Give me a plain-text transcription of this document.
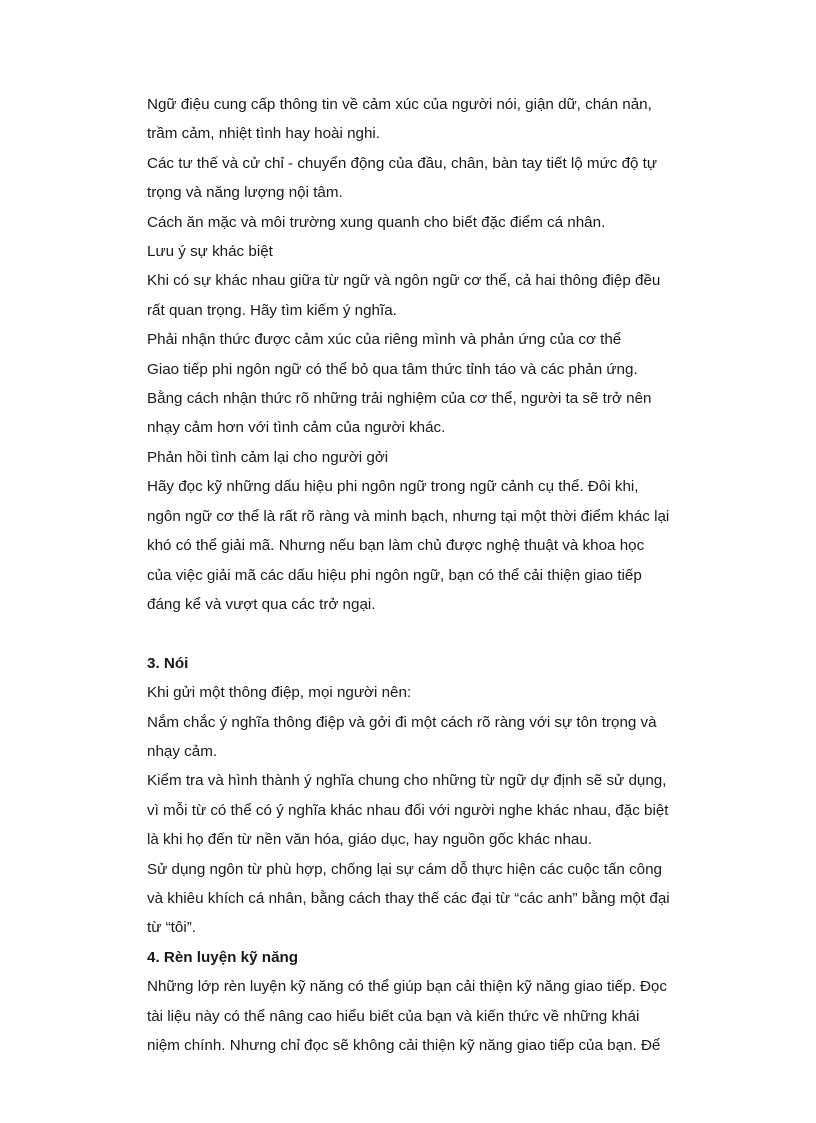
Ngữ điệu cung cấp thông tin về cảm xúc của người nói, giận dữ, chán nản,

trầm cảm, nhiệt tình hay hoài nghi.

Các tư thế và cử chỉ - chuyển động của đầu, chân, bàn tay tiết lộ mức độ tự

trọng và năng lượng nội tâm.

Cách ăn mặc và môi trường xung quanh cho biết đặc điểm cá nhân.

Lưu ý sự khác biệt

Khi có sự khác nhau giữa từ ngữ và ngôn ngữ cơ thể, cả hai thông điệp đều

rất quan trọng. Hãy tìm kiếm ý nghĩa.

Phải nhận thức được cảm xúc của riêng mình và phản ứng của cơ thể

Giao tiếp phi ngôn ngữ có thể bỏ qua tâm thức tỉnh táo và các phản ứng.

Bằng cách nhận thức rõ những trải nghiệm của cơ thể, người ta sẽ trở nên

nhạy cảm hơn với tình cảm của người khác.

Phản hồi tình cảm lại cho người gởi

Hãy đọc kỹ những dấu hiệu phi ngôn ngữ trong ngữ cảnh cụ thể. Đôi khi,

ngôn ngữ cơ thể là rất rõ ràng và minh bạch, nhưng tại một thời điểm khác lại

khó có thể giải mã. Nhưng nếu bạn làm chủ được nghệ thuật và khoa học

của việc giải mã các dấu hiệu phi ngôn ngữ, bạn có thể cải thiện giao tiếp

đáng kể và vượt qua các trở ngại.

3. Nói

Khi gửi một thông điệp, mọi người nên:

Nắm chắc ý nghĩa thông điệp và gởi đi một cách rõ ràng với sự tôn trọng và

nhạy cảm.

Kiểm tra và hình thành ý nghĩa chung cho những từ ngữ dự định sẽ sử dụng,

vì mỗi từ có thể có ý nghĩa khác nhau đối với người nghe khác nhau, đặc biệt

là khi họ đến từ nền văn hóa, giáo dục, hay nguồn gốc khác nhau.

Sử dụng ngôn từ phù hợp, chống lại sự cám dỗ thực hiện các cuộc tấn công

và khiêu khích cá nhân, bằng cách thay thế các đại từ “các anh” bằng một đại

từ “tôi”.

4. Rèn luyện kỹ năng

Những lớp rèn luyện kỹ năng có thể giúp bạn cải thiện kỹ năng giao tiếp. Đọc

tài liệu này có thể nâng cao hiểu biết của bạn và kiến thức về những khái

niệm chính. Nhưng chỉ đọc sẽ không cải thiện kỹ năng giao tiếp của bạn. Để
